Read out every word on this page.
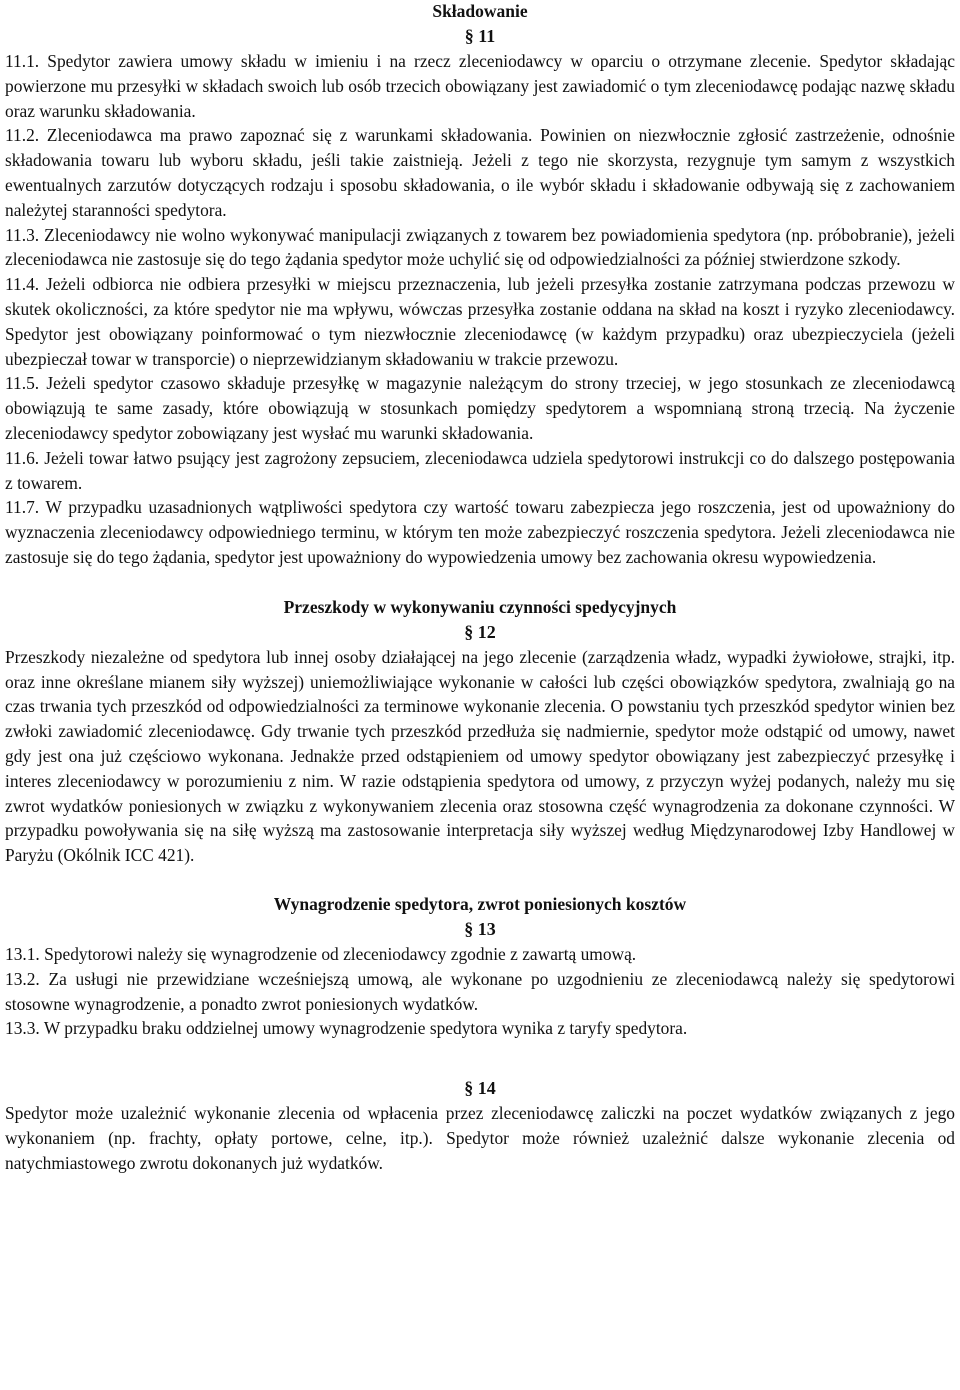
Składowanie

§ 11

11.1. Spedytor zawiera umowy składu w imieniu i na rzecz zleceniodawcy w oparciu o otrzymane zlecenie. Spedytor składając powierzone mu przesyłki w składach swoich lub osób trzecich obowiązany jest zawiadomić o tym zleceniodawcę podając nazwę składu oraz warunku składowania.

11.2. Zleceniodawca ma prawo zapoznać się z warunkami składowania. Powinien on niezwłocznie zgłosić zastrzeżenie, odnośnie składowania towaru lub wyboru składu, jeśli takie zaistnieją. Jeżeli z tego nie skorzysta, rezygnuje tym samym z wszystkich ewentualnych zarzutów dotyczących rodzaju i sposobu składowania, o ile wybór składu i składowanie odbywają się z zachowaniem należytej staranności spedytora.

11.3. Zleceniodawcy nie wolno wykonywać manipulacji związanych z towarem bez powiadomienia spedytora (np. próbobranie), jeżeli zleceniodawca nie zastosuje się do tego żądania spedytor może uchylić się od odpowiedzialności za później stwierdzone szkody.

11.4. Jeżeli odbiorca nie odbiera przesyłki w miejscu przeznaczenia, lub jeżeli przesyłka zostanie zatrzymana podczas przewozu w skutek okoliczności, za które spedytor nie ma wpływu, wówczas przesyłka zostanie oddana na skład na koszt i ryzyko zleceniodawcy. Spedytor jest obowiązany poinformować o tym niezwłocznie zleceniodawcę (w każdym przypadku) oraz ubezpieczyciela (jeżeli ubezpieczał towar w transporcie) o nieprzewidzianym składowaniu w trakcie przewozu.

11.5. Jeżeli spedytor czasowo składuje przesyłkę w magazynie należącym do strony trzeciej, w jego stosunkach ze zleceniodawcą obowiązują te same zasady, które obowiązują w stosunkach pomiędzy spedytorem a wspomnianą stroną trzecią. Na życzenie zleceniodawcy spedytor zobowiązany jest wysłać mu warunki składowania.

11.6. Jeżeli towar łatwo psujący jest zagrożony zepsuciem, zleceniodawca udziela spedytorowi instrukcji co do dalszego postępowania z towarem.

11.7. W przypadku uzasadnionych wątpliwości spedytora czy wartość towaru zabezpiecza jego roszczenia, jest od upoważniony do wyznaczenia zleceniodawcy odpowiedniego terminu, w którym ten może zabezpieczyć roszczenia spedytora. Jeżeli zleceniodawca nie zastosuje się do tego żądania, spedytor jest upoważniony do wypowiedzenia umowy bez zachowania okresu wypowiedzenia.

Przeszkody w wykonywaniu czynności spedycyjnych

§ 12

Przeszkody niezależne od spedytora lub innej osoby działającej na jego zlecenie (zarządzenia władz, wypadki żywiołowe, strajki, itp. oraz inne określane mianem siły wyższej) uniemożliwiające wykonanie w całości lub części obowiązków spedytora, zwalniają go na czas trwania tych przeszkód od odpowiedzialności za terminowe wykonanie zlecenia. O powstaniu tych przeszkód spedytor winien bez zwłoki zawiadomić zleceniodawcę. Gdy trwanie tych przeszkód przedłuża się nadmiernie, spedytor może odstąpić od umowy, nawet gdy jest ona już częściowo wykonana. Jednakże przed odstąpieniem od umowy spedytor obowiązany jest zabezpieczyć przesyłkę i interes zleceniodawcy w porozumieniu z nim. W razie odstąpienia spedytora od umowy, z przyczyn wyżej podanych, należy mu się zwrot wydatków poniesionych w związku z wykonywaniem zlecenia oraz stosowna część wynagrodzenia za dokonane czynności. W przypadku powoływania się na siłę wyższą ma zastosowanie interpretacja siły wyższej według Międzynarodowej Izby Handlowej w Paryżu (Okólnik ICC 421).

Wynagrodzenie spedytora, zwrot poniesionych kosztów

§ 13

13.1. Spedytorowi należy się wynagrodzenie od zleceniodawcy zgodnie z zawartą umową.

13.2. Za usługi nie przewidziane wcześniejszą umową, ale wykonane po uzgodnieniu ze zleceniodawcą należy się spedytorowi stosowne wynagrodzenie, a ponadto zwrot poniesionych wydatków.

13.3. W przypadku braku oddzielnej umowy wynagrodzenie spedytora wynika z taryfy spedytora.

§ 14

Spedytor może uzależnić wykonanie zlecenia od wpłacenia przez zleceniodawcę zaliczki na poczet wydatków związanych z jego wykonaniem (np. frachty, opłaty portowe, celne, itp.). Spedytor może również uzależnić dalsze wykonanie zlecenia od natychmiastowego zwrotu dokonanych już wydatków.
